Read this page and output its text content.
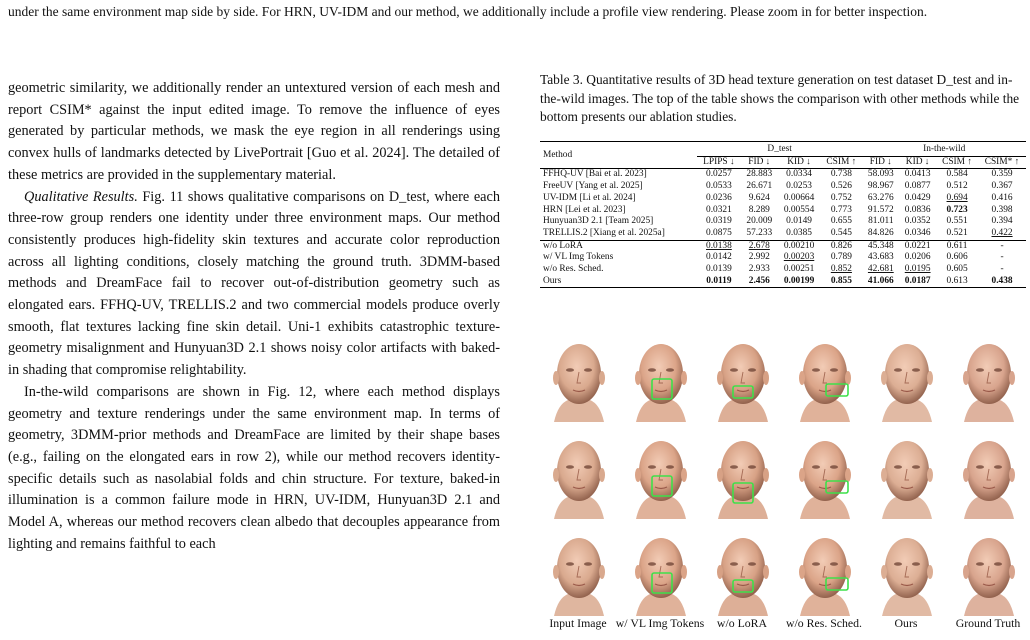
under the same environment map side by side. For HRN, UV-IDM and our method, we additionally include a profile view rendering. Please zoom in for better inspection.

geometric similarity, we additionally render an untextured version of each mesh and report CSIM* against the input edited image. To remove the influence of eyes generated by particular methods, we mask the eye region in all renderings using convex hulls of landmarks detected by LivePortrait [Guo et al. 2024]. The detailed of these metrics are provided in the supplementary material.

Qualitative Results. Fig. 11 shows qualitative comparisons on D_test, where each three-row group renders one identity under three environment maps. Our method consistently produces high-fidelity skin textures and accurate color reproduction across all lighting conditions, closely matching the ground truth. 3DMM-based methods and DreamFace fail to recover out-of-distribution geometry such as elongated ears. FFHQ-UV, TRELLIS.2 and two commercial models produce overly smooth, flat textures lacking fine skin detail. Uni-1 exhibits catastrophic texture-geometry misalignment and Hunyuan3D 2.1 shows noisy color artifacts with baked-in shading that compromise relightability.

In-the-wild comparisons are shown in Fig. 12, where each method displays geometry and texture renderings under the same environment map. In terms of geometry, 3DMM-prior methods and DreamFace are limited by their shape bases (e.g., failing on the elongated ears in row 2), while our method recovers identity-specific details such as nasolabial folds and chin structure. For texture, baked-in illumination is a common failure mode in HRN, UV-IDM, Hunyuan3D 2.1 and Model A, whereas our method recovers clean albedo that decouples appearance from lighting and remains faithful to each

Table 3. Quantitative results of 3D head texture generation on test dataset D_test and in-the-wild images. The top of the table shows the comparison with other methods while the bottom presents our ablation studies.
Method	D_test				In-the-wild			
	LPIPS ↓	FID ↓	KID ↓	CSIM ↑	FID ↓	KID ↓	CSIM ↑	CSIM* ↑
FFHQ-UV [Bai et al. 2023]	0.0257	28.883	0.0334	0.738	58.093	0.0413	0.584	0.359
FreeUV [Yang et al. 2025]	0.0533	26.671	0.0253	0.526	98.967	0.0877	0.512	0.367
UV-IDM [Li et al. 2024]	0.0236	9.624	0.00664	0.752	63.276	0.0429	0.694	0.416
HRN [Lei et al. 2023]	0.0321	8.289	0.00554	0.773	91.572	0.0836	0.723	0.398
Hunyuan3D 2.1 [Team 2025]	0.0319	20.009	0.0149	0.655	81.011	0.0352	0.551	0.394
TRELLIS.2 [Xiang et al. 2025a]	0.0875	57.233	0.0385	0.545	84.826	0.0346	0.521	0.422
w/o LoRA	0.0138	2.678	0.00210	0.826	45.348	0.0221	0.611	-
w/ VL Img Tokens	0.0142	2.992	0.00203	0.789	43.683	0.0206	0.606	-
w/o Res. Sched.	0.0139	2.933	0.00251	0.852	42.681	0.0195	0.605	-
Ours	0.0119	2.456	0.00199	0.855	41.066	0.0187	0.613	0.438
Input Image w/ VL Img Tokens w/o LoRA w/o Res. Sched.	Ours	Ground Truth
